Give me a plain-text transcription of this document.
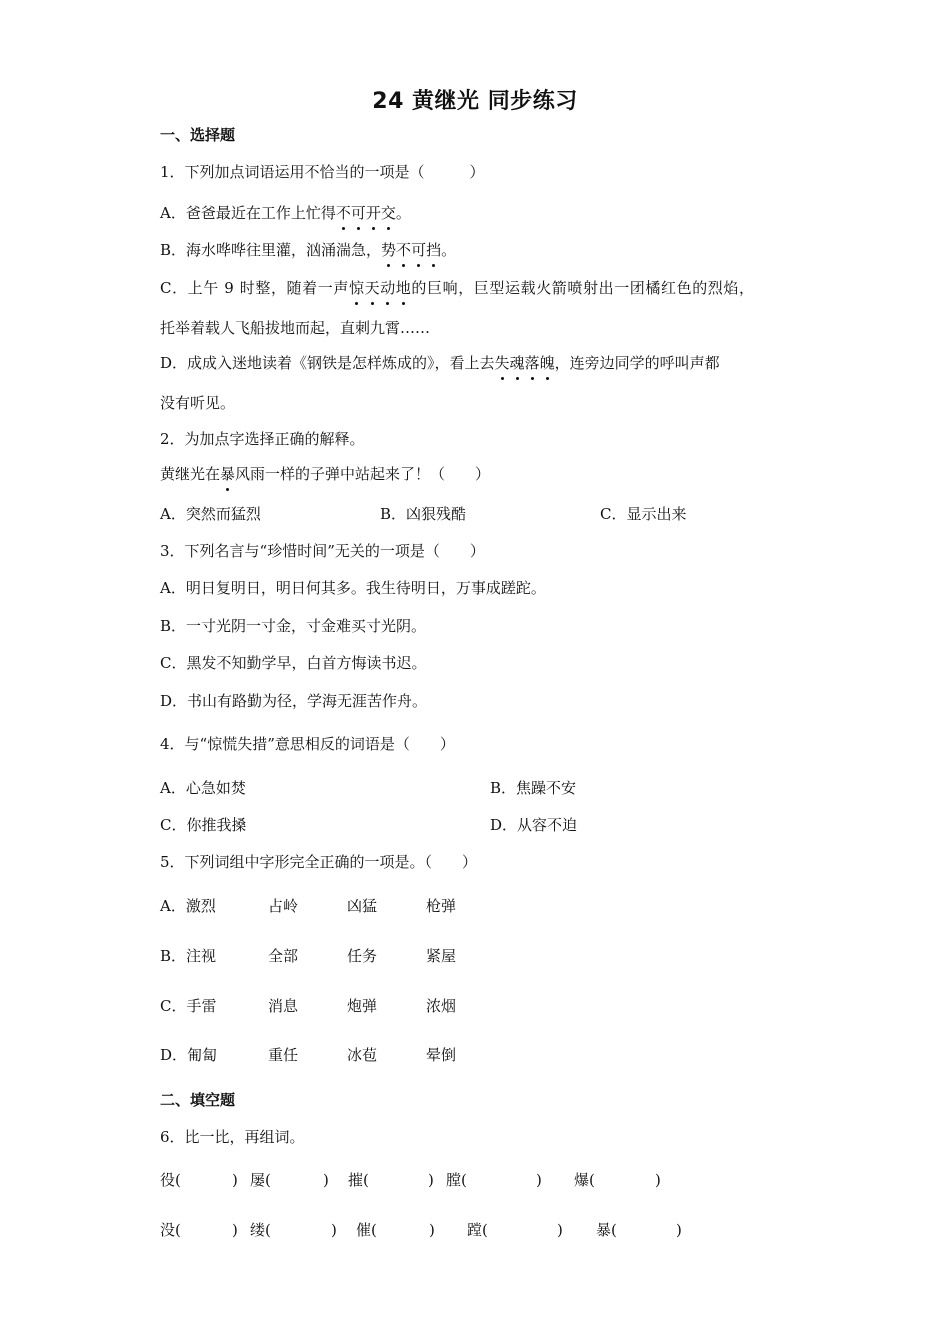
24 黄继光 同步练习
一、选择题
1．下列加点词语运用不恰当的一项是（　　　）
A．爸爸最近在工作上忙得不可开交。
B．海水哗哗往里灌，汹涌湍急，势不可挡。
C．上午 9 时整，随着一声惊天动地的巨响，巨型运载火箭喷射出一团橘红色的烈焰，
托举着载人飞船拔地而起，直刺九霄……
D．成成入迷地读着《钢铁是怎样炼成的》，看上去失魂落魄，连旁边同学的呼叫声都
没有听见。
2．为加点字选择正确的解释。
黄继光在暴风雨一样的子弹中站起来了！（　　）
A．突然而猛烈	B．凶狠残酷	C．显示出来
3．下列名言与“珍惜时间”无关的一项是（　　）
A．明日复明日，明日何其多。我生待明日，万事成蹉跎。
B．一寸光阴一寸金，寸金难买寸光阴。
C．黑发不知勤学早，白首方悔读书迟。
D．书山有路勤为径，学海无涯苦作舟。
4．与“惊慌失措”意思相反的词语是（　　）
A．心急如焚	B．焦躁不安
C．你推我搡	D．从容不迫
5．下列词组中字形完全正确的一项是。（　　）
A．激烈	占岭	凶猛	枪弹
B．注视	全部	任务	紧屋
C．手雷	消息	炮弹	浓烟
D．匍匐	重任	冰苞	晕倒
二、填空题
6．比一比，再组词。
役(	) 屡(	) 摧(	) 膛(	) 爆(	)
没(	) 缕(	) 催(	) 蹚(	) 暴(	)
